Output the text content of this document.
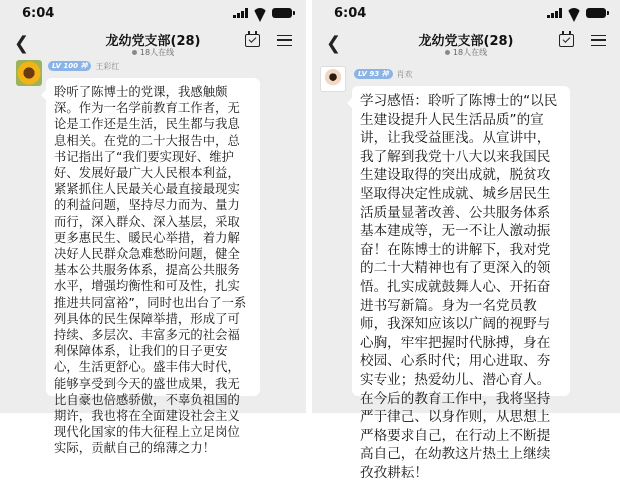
6:04
❮	龙幼党支部(28)
18人在线
LV 100 神	王彩红

聆听了陈博士的党课，我感触颇深。作为一名学前教育工作者，无论是工作还是生活，民生都与我息息相关。在党的二十大报告中，总书记指出了“我们要实现好、维护好、发展好最广大人民根本利益，紧紧抓住人民最关心最直接最现实的利益问题，坚持尽力而为、量力而行，深入群众、深入基层，采取更多惠民生、暖民心举措，着力解决好人民群众急难愁盼问题，健全基本公共服务体系，提高公共服务水平，增强均衡性和可及性，扎实推进共同富裕”，同时也出台了一系列具体的民生保障举措，形成了可持续、多层次、丰富多元的社会福利保障体系，让我们的日子更安心，生活更舒心。盛丰伟大时代，能够享受到今天的盛世成果，我无比自豪也倍感骄傲，不辜负祖国的期许，我也将在全面建设社会主义现代化国家的伟大征程上立足岗位实际，贡献自己的绵薄之力！

6:04
❮	龙幼党支部(28)
18人在线
LV 93 神	肖欢

学习感悟：聆听了陈博士的“以民生建设提升人民生活品质”的宣讲，让我受益匪浅。从宣讲中，我了解到我党十八大以来我国民生建设取得的突出成就，脱贫攻坚取得决定性成就、城乡居民生活质量显著改善、公共服务体系基本建成等，无一不让人激动振奋！在陈博士的讲解下，我对党的二十大精神也有了更深入的领悟。扎实成就鼓舞人心、开拓奋进书写新篇。身为一名党员教师，我深知应该以广阔的视野与心胸，牢牢把握时代脉搏，身在校园、心系时代；用心进取、夯实专业；热爱幼儿、潜心育人。在今后的教育工作中，我将坚持严于律己、以身作则，从思想上严格要求自己，在行动上不断提高自己，在幼教这片热土上继续孜孜耕耘！
